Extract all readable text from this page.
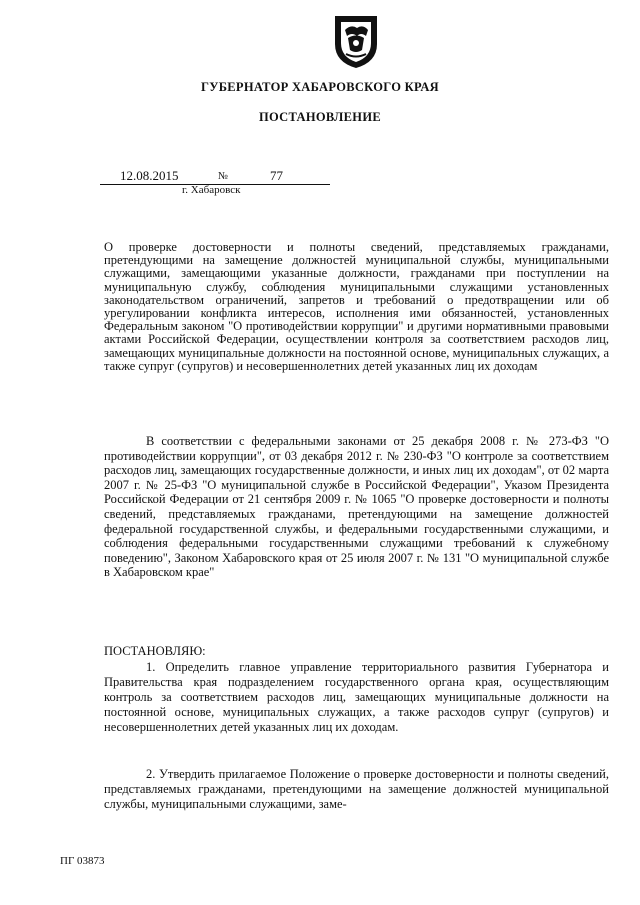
ГУБЕРНАТОР ХАБАРОВСКОГО КРАЯ
ПОСТАНОВЛЕНИЕ
12.08.2015	№	77
г. Хабаровск

О проверке достоверности и полноты сведений, представляемых гражданами, претендующими на замещение должностей муниципальной службы, муниципальными служащими, замещающими указанные должности, гражданами при поступлении на муниципальную службу, соблюдения муниципальными служащими установленных законодательством ограничений, запретов и требований о предотвращении или об урегулировании конфликта интересов, исполнения ими обязанностей, установленных Федеральным законом "О противодействии коррупции" и другими нормативными правовыми актами Российской Федерации, осуществлении контроля за соответствием расходов лиц, замещающих муниципальные должности на постоянной основе, муниципальных служащих, а также супруг (супругов) и несовершеннолетних детей указанных лиц их доходам

В соответствии с федеральными законами от 25 декабря 2008 г. № 273-ФЗ "О противодействии коррупции", от 03 декабря 2012 г. № 230-ФЗ "О контроле за соответствием расходов лиц, замещающих государственные должности, и иных лиц их доходам", от 02 марта 2007 г. № 25-ФЗ "О муниципальной службе в Российской Федерации", Указом Президента Российской Федерации от 21 сентября 2009 г. № 1065 "О проверке достоверности и полноты сведений, представляемых гражданами, претендующими на замещение должностей федеральной государственной службы, и федеральными государственными служащими, и соблюдения федеральными государственными служащими требований к служебному поведению", Законом Хабаровского края от 25 июля 2007 г. № 131 "О муниципальной службе в Хабаровском крае"

ПОСТАНОВЛЯЮ:

1. Определить главное управление территориального развития Губернатора и Правительства края подразделением государственного органа края, осуществляющим контроль за соответствием расходов лиц, замещающих муниципальные должности на постоянной основе, муниципальных служащих, а также расходов супруг (супругов) и несовершеннолетних детей указанных лиц их доходам.

2. Утвердить прилагаемое Положение о проверке достоверности и полноты сведений, представляемых гражданами, претендующими на замещение должностей муниципальной службы, муниципальными служащими, заме-

ПГ 03873
